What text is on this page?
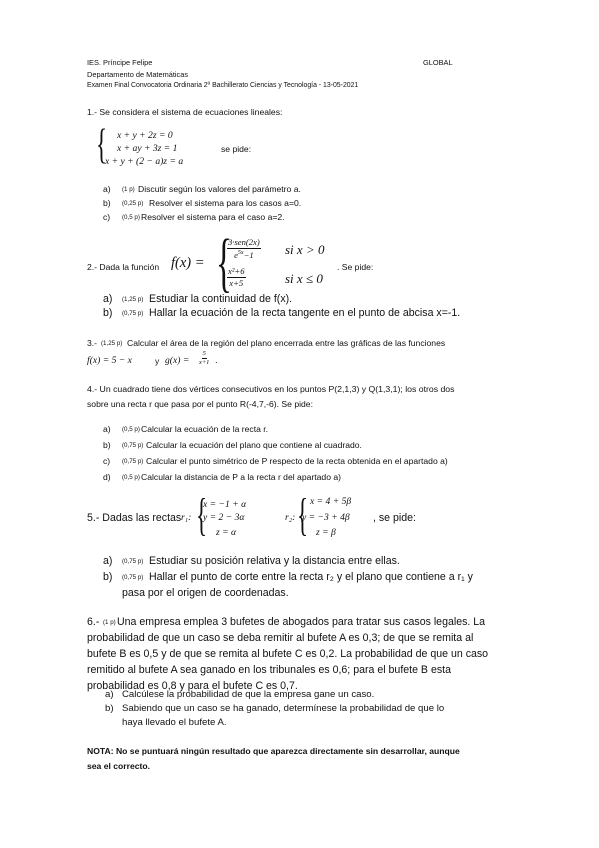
IES. Príncipe Felipe
Departamento de Matemáticas
Examen Final Convocatoria Ordinaria 2º Bachillerato Ciencias y Tecnología - 13-05-2021
GLOBAL
1.- Se considera el sistema de ecuaciones lineales:
{ x + y + 2z = 0
x + ay + 3z = 1
x + y + (2 − a)z = a
se pide:
a) (1 p) Discutir según los valores del parámetro a.
b) (0,25 p) Resolver el sistema para los casos a=0.
c) (0,5 p) Resolver el sistema para el caso a=2.
2.- Dada la función f(x) = {
$\frac{\text{3·sen(2x)}}{e^{5x}-1}$ si x > 0
$\frac{\text{x²+6}}{x+5}$	si x ≤ 0
. Se pide:
a) (1,25 p) Estudiar la continuidad de f(x).
b) (0,75 p) Hallar la ecuación de la recta tangente en el punto de abcisa x=-1.
3.- (1,25 p) Calcular el área de la región del plano encerrada entre las gráficas de las funciones
f(x) = 5 − x	y $g(x) = \frac{5}{x+1}$ .
4.- Un cuadrado tiene dos vértices consecutivos en los puntos P(2,1,3) y Q(1,3,1); los otros dos
sobre una recta r que pasa por el punto R(-4,7,-6). Se pide:
a) (0,5 p) Calcular la ecuación de la recta r.
b) (0,75 p) Calcular la ecuación del plano que contiene al cuadrado.
c) (0,75 p) Calcular el punto simétrico de P respecto de la recta obtenida en el apartado a)
d) (0,5 p) Calcular la distancia de P a la recta r del apartado a)
5.- Dadas las rectas r₁: {
x = −1 + α
y = 2 − 3α
z = α
r₂: { x = 4 + 5β
y = −3 + 4β
z = β
, se pide:
a) (0,75 p) Estudiar su posición relativa y la distancia entre ellas.
b) (0,75 p) Hallar el punto de corte entre la recta r₂ y el plano que contiene a r₁ y
pasa por el origen de coordenadas.
6.- (1 p) Una empresa emplea 3 bufetes de abogados para tratar sus casos legales. La
probabilidad de que un caso se deba remitir al bufete A es 0,3; de que se remita al
bufete B es 0,5 y de que se remita al bufete C es 0,2. La probabilidad de que un caso
remitido al bufete A sea ganado en los tribunales es 0,6; para el bufete B esta
probabilidad es 0,8 y para el bufete C es 0,7.
a) Calcúlese la probabilidad de que la empresa gane un caso.
b) Sabiendo que un caso se ha ganado, determínese la probabilidad de que lo
haya llevado el bufete A.
NOTA: No se puntuará ningún resultado que aparezca directamente sin desarrollar, aunque
sea el correcto.
